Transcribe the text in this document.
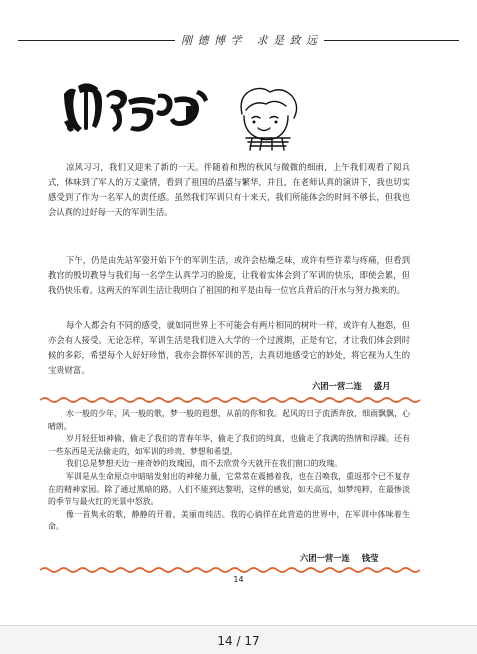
刚 德 博 学 求 是 致 远

凉风习习，我们又迎来了新的一天。伴随着和煦的秋风与微微的细雨，上午我们观看了阅兵式，体味到了军人的万丈豪情，看到了祖国的昌盛与繁华，并且，在老师认真的演讲下，我也切实感受到了作为一名军人的责任感。虽然我们军训只有十来天，我们所能体会的时间不够长，但我也会认真的过好每一天的军训生活。

下午，仍是由先站军姿开始下午的军训生活，或许会枯燥乏味，或许有些许辈与疼痛，但看到教官的殷切教导与我们每一名学生认真学习的脸庞，让我着实体会到了军训的快乐，即使会累，但我仍快乐着。这两天的军训生活让我明白了祖国的和平是由每一位官兵背后的汗水与努力换来的。

每个人都会有不同的感受，就如同世界上不可能会有两片相同的树叶一样，或许有人抱怨，但亦会有人接受。无论怎样，军训生活是我们进入大学的一个过渡期，正是有它，才让我们体会到时候的多彩，希望每个人好好珍惜，我亦会群怀军训的苦，去真切地感受它的妙处，将它视为人生的宝贵财富。

六团一营二连 盛月

水一般的少年，风一般的歌，梦一般的遐想，从前的你和我。起风的日子流洒奔放，细雨飘飘，心晴朗。

岁月轻狂如神偷，偷走了我们的青春年华，偷走了我们的纯真，也偷走了我满的热情和浮躁。还有一些东西是无法偷走的，如军训的珍贵、梦想和希望。

我们总是梦想天边一座奇妙的玫瑰园，而不去欣赏今天就开在我们窗口的玫瑰。

军训是从生命原点中暗暗发射出的神秘力量，它常常在震撼着我，也在召唤我，重返那个已不复存在的精神家园。除了通过黑暗的路，人们不能到达黎明，这样的感觉，如天高远，如梦纯粹，在最惨淡的季节与最火红的光景中怒放。

像一首隽永的歌，静静的开着，美丽而纯洁。我的心徜徉在此营造的世界中，在军训中体味着生命。

六团一营一连 钱莹
14
14 / 17
